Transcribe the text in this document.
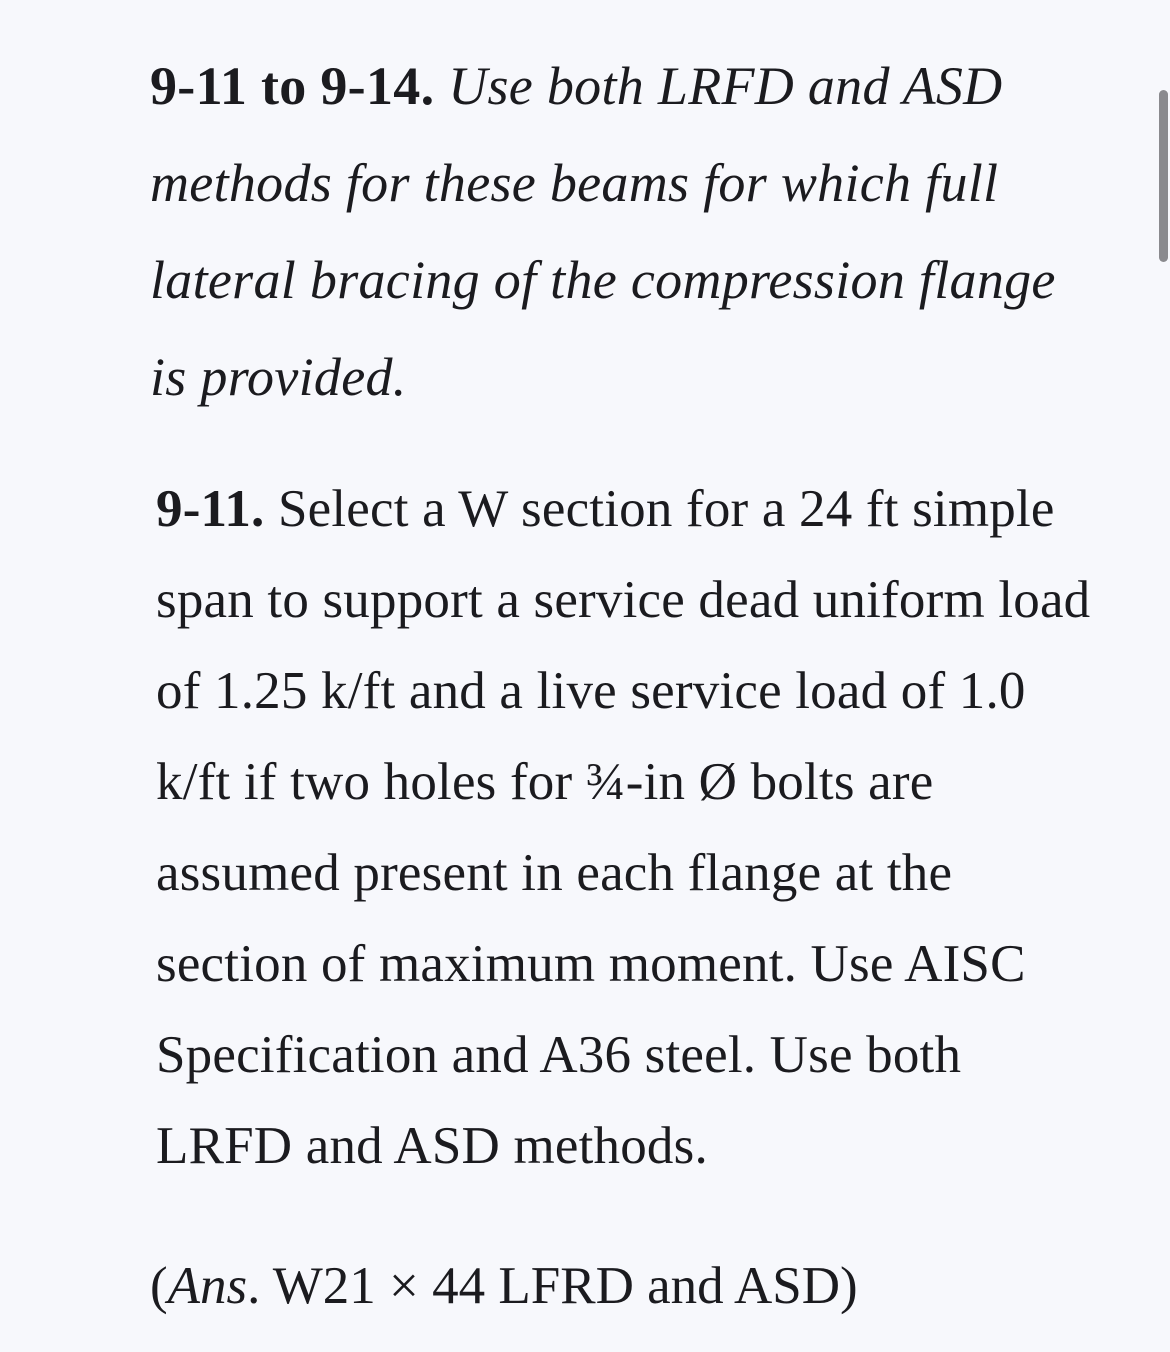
9-11 to 9-14. Use both LRFD and ASD methods for these beams for which full lateral bracing of the compression flange is provided.

9-11. Select a W section for a 24 ft simple span to support a service dead uniform load of 1.25 k/ft and a live service load of 1.0 k/ft if two holes for ¾-in Ø bolts are assumed present in each flange at the section of maximum moment. Use AISC Specification and A36 steel. Use both LRFD and ASD methods.

(Ans. W21 × 44 LFRD and ASD)
